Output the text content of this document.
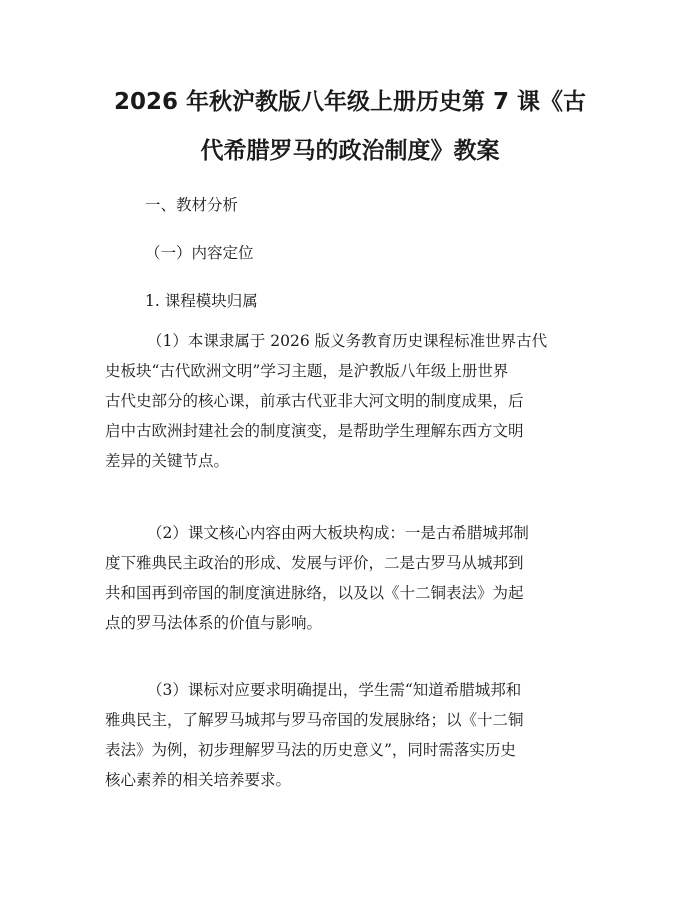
2026 年秋沪教版八年级上册历史第 7 课《古
代希腊罗马的政治制度》教案

一、教材分析

（一）内容定位

1. 课程模块归属

（1）本课隶属于 2026 版义务教育历史课程标准世界古代
史板块“古代欧洲文明”学习主题，是沪教版八年级上册世界
古代史部分的核心课，前承古代亚非大河文明的制度成果，后
启中古欧洲封建社会的制度演变，是帮助学生理解东西方文明
差异的关键节点。
（2）课文核心内容由两大板块构成：一是古希腊城邦制
度下雅典民主政治的形成、发展与评价，二是古罗马从城邦到
共和国再到帝国的制度演进脉络，以及以《十二铜表法》为起
点的罗马法体系的价值与影响。
（3）课标对应要求明确提出，学生需“知道希腊城邦和
雅典民主，了解罗马城邦与罗马帝国的发展脉络；以《十二铜
表法》为例，初步理解罗马法的历史意义”，同时需落实历史
核心素养的相关培养要求。
